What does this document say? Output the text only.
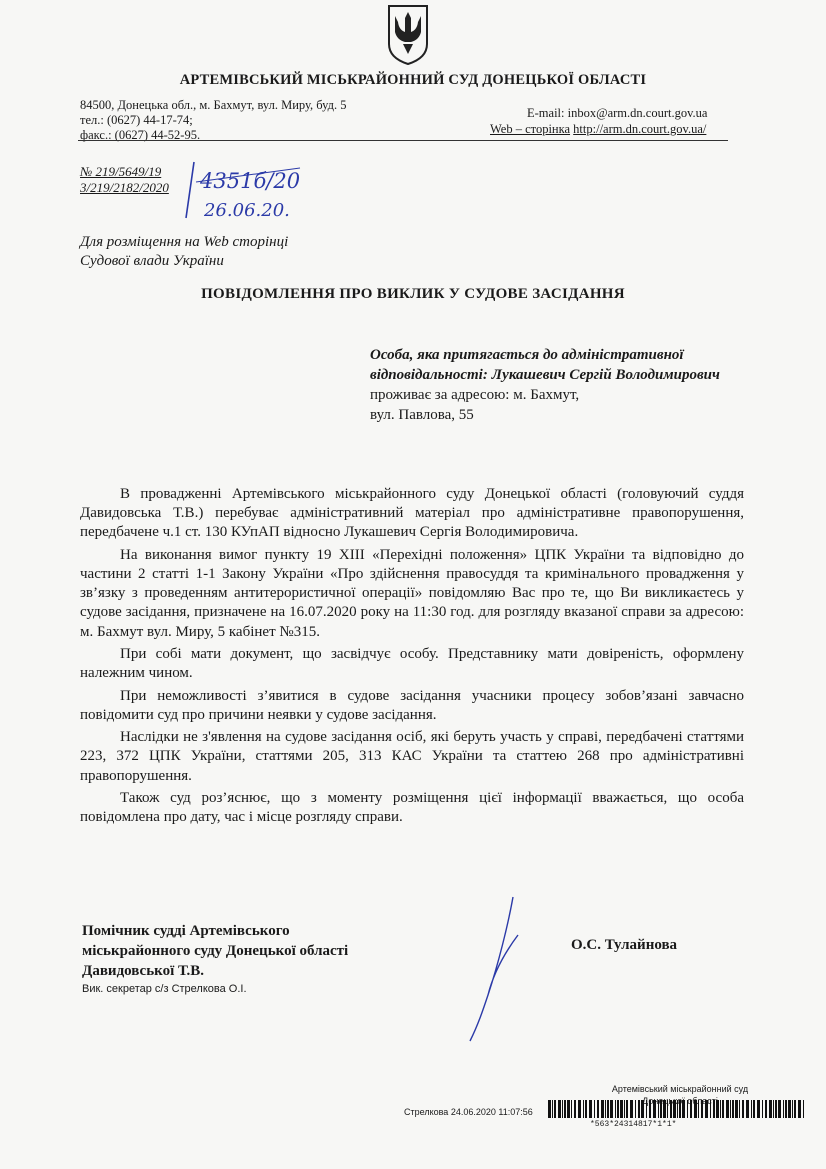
АРТЕМІВСЬКИЙ МІСЬКРАЙОННИЙ СУД ДОНЕЦЬКОЇ ОБЛАСТІ
84500, Донецька обл., м. Бахмут, вул. Миру, буд. 5
тел.: (0627) 44-17-74;
факс.: (0627) 44-52-95.
E-mail: inbox@arm.dn.court.gov.ua
Web – сторінка http://arm.dn.court.gov.ua/
№ 219/5649/19
3/219/2182/2020 4351б/20
26.06.20.
Для розміщення на Web сторінці
Судової влади України
ПОВІДОМЛЕННЯ ПРО ВИКЛИК У СУДОВЕ ЗАСІДАННЯ
Особа, яка притягається до адміністративної відповідальності: Лукашевич Сергій Володимирович
проживає за адресою: м. Бахмут,
вул. Павлова, 55

В провадженні Артемівського міськрайонного суду Донецької області (головуючий суддя Давидовська Т.В.) перебуває адміністративний матеріал про адміністративне правопорушення, передбачене ч.1 ст. 130 КУпАП відносно Лукашевич Сергія Володимировича.

На виконання вимог пункту 19 XIII «Перехідні положення» ЦПК України та відповідно до частини 2 статті 1-1 Закону України «Про здійснення правосуддя та кримінального провадження у зв’язку з проведенням антитерористичної операції» повідомляю Вас про те, що Ви викликаєтесь у судове засідання, призначене на 16.07.2020 року на 11:30 год. для розгляду вказаної справи за адресою: м. Бахмут вул. Миру, 5 кабінет №315.

При собі мати документ, що засвідчує особу. Представнику мати довіреність, оформлену належним чином.

При неможливості з’явитися в судове засідання учасники процесу зобов’язані завчасно повідомити суд про причини неявки у судове засідання.

Наслідки не з'явлення на судове засідання осіб, які беруть участь у справі, передбачені статтями 223, 372 ЦПК України, статтями 205, 313 КАС України та статтею 268 про адміністративні правопорушення.

Також суд роз’яснює, що з моменту розміщення цієї інформації вважається, що особа повідомлена про дату, час і місце розгляду справи.

Помічник судді Артемівського
міськрайонного суду Донецької області
Давидовської Т.В.
О.С. Тулайнова
Вик. секретар с/з Стрелкова О.І.
Артемівський міськрайонний суд
Стрелкова 24.06.2020 11:07:56
*563*24314817*1*1*
